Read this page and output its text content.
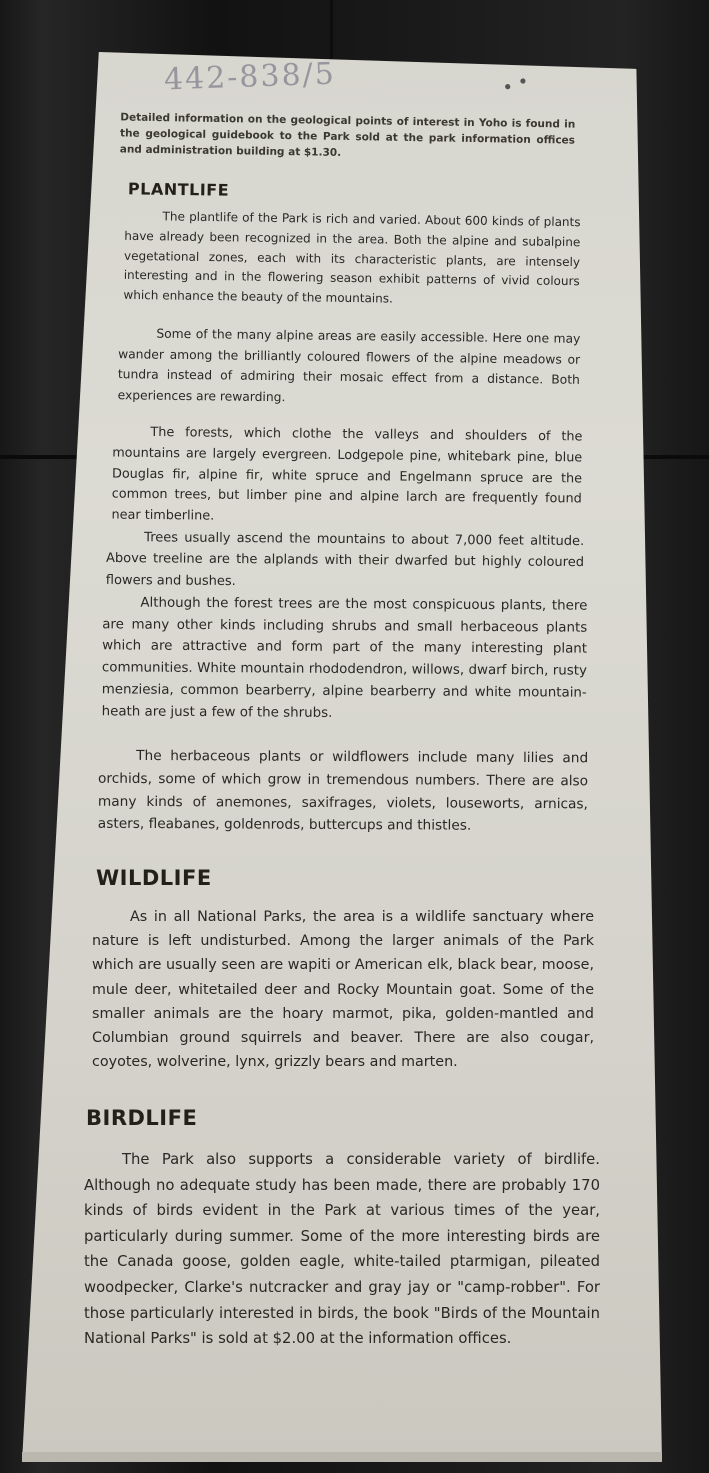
442-838/5	• •

Detailed information on the geological points of interest in Yoho is found in the geological guidebook to the Park sold at the park information offices and administration building at $1.30.

PLANTLIFE

The plantlife of the Park is rich and varied. About 600 kinds of plants have already been recognized in the area. Both the alpine and subalpine vegetational zones, each with its characteristic plants, are intensely interesting and in the flowering season exhibit patterns of vivid colours which enhance the beauty of the mountains.

Some of the many alpine areas are easily accessible. Here one may wander among the brilliantly coloured flowers of the alpine meadows or tundra instead of admiring their mosaic effect from a distance. Both experiences are rewarding.

The forests, which clothe the valleys and shoulders of the mountains are largely evergreen. Lodgepole pine, whitebark pine, blue Douglas fir, alpine fir, white spruce and Engelmann spruce are the common trees, but limber pine and alpine larch are frequently found near timberline.

Trees usually ascend the mountains to about 7,000 feet altitude. Above treeline are the alplands with their dwarfed but highly coloured flowers and bushes.

Although the forest trees are the most conspicuous plants, there are many other kinds including shrubs and small herbaceous plants which are attractive and form part of the many interesting plant communities. White mountain rhododendron, willows, dwarf birch, rusty menziesia, common bearberry, alpine bearberry and white mountain-heath are just a few of the shrubs.

The herbaceous plants or wildflowers include many lilies and orchids, some of which grow in tremendous numbers. There are also many kinds of anemones, saxifrages, violets, louseworts, arnicas, asters, fleabanes, goldenrods, buttercups and thistles.

WILDLIFE

As in all National Parks, the area is a wildlife sanctuary where nature is left undisturbed. Among the larger animals of the Park which are usually seen are wapiti or American elk, black bear, moose, mule deer, whitetailed deer and Rocky Mountain goat. Some of the smaller animals are the hoary marmot, pika, golden-mantled and Columbian ground squirrels and beaver. There are also cougar, coyotes, wolverine, lynx, grizzly bears and marten.

BIRDLIFE

The Park also supports a considerable variety of birdlife. Although no adequate study has been made, there are probably 170 kinds of birds evident in the Park at various times of the year, particularly during summer. Some of the more interesting birds are the Canada goose, golden eagle, white-tailed ptarmigan, pileated woodpecker, Clarke's nutcracker and gray jay or "camp-robber". For those particularly interested in birds, the book "Birds of the Mountain National Parks" is sold at $2.00 at the information offices.
